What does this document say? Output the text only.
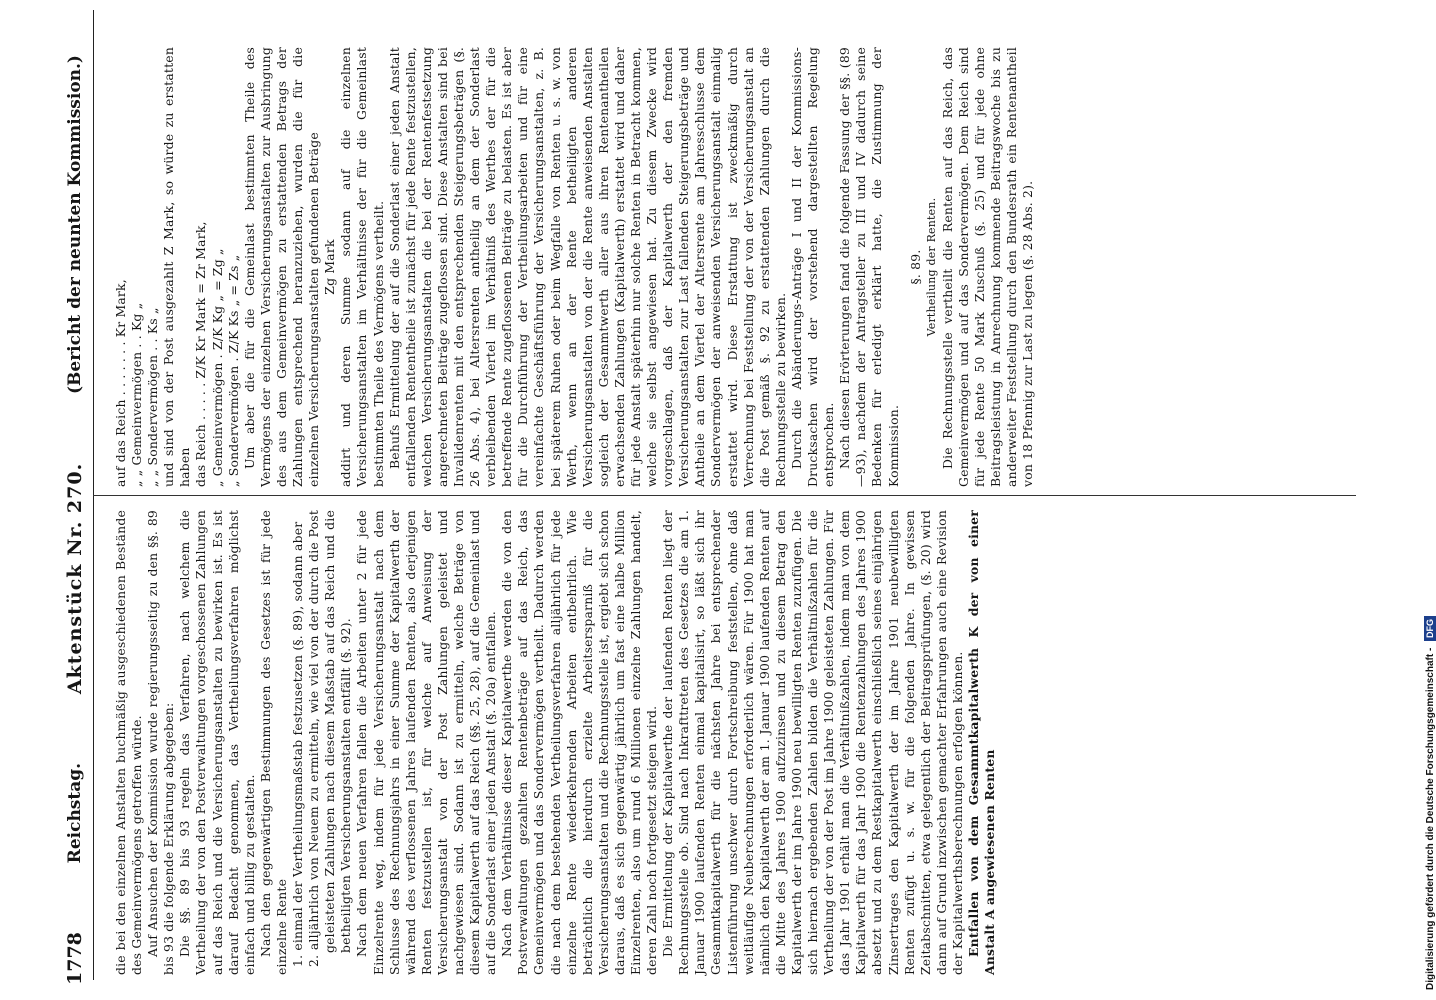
1778
Reichstag.
Aktenstück Nr. 270.
(Bericht der neunten Kommission.)

die bei den einzelnen Anstalten buchmäßig ausgeschiedenen Bestände des Gemeinvermögens getroffen würde. Auf Ansuchen der Kommission wurde regierungsseitig zu den §§. 89 bis 93 die folgende Erklärung abgegeben: Die §§. 89 bis 93 regeln das Verfahren, nach welchem die Vertheilung der von den Postverwaltungen vorgeschossenen Zahlungen auf das Reich und die Versicherungsanstalten zu bewirken ist. Es ist darauf Bedacht genommen, das Vertheilungsverfahren möglichst einfach und billig zu gestalten. Nach den gegenwärtigen Bestimmungen des Gesetzes ist für jede einzelne Rente 1. einmal der Vertheilungsmaßstab festzusetzen (§. 89), sodann aber 2. alljährlich von Neuem zu ermitteln, wie viel von der durch die Post geleisteten Zahlungen nach diesem Maßstab auf das Reich und die betheiligten Versicherungsanstalten entfällt (§. 92). Nach dem neuen Verfahren fallen die Arbeiten unter 2 für jede Einzelrente weg, indem für jede Versicherungsanstalt nach dem Schlusse des Rechnungsjahrs in einer Summe der Kapitalwerth der während des verflossenen Jahres laufenden Renten, also derjenigen Renten festzustellen ist, für welche auf Anweisung der Versicherungsanstalt von der Post Zahlungen geleistet und nachgewiesen sind. Sodann ist zu ermitteln, welche Beträge von diesem Kapitalwerth auf das Reich (§§. 25, 28), auf die Gemeinlast und auf die Sonderlast einer jeden Anstalt (§. 20a) entfallen. Nach dem Verhältnisse dieser Kapitalwerthe werden die von den Postverwaltungen gezahlten Rentenbeträge auf das Reich, das Gemeinvermögen und das Sondervermögen vertheilt. Dadurch werden die nach dem bestehenden Vertheilungsverfahren alljährlich für jede einzelne Rente wiederkehrenden Arbeiten entbehrlich. Wie beträchtlich die hierdurch erzielte Arbeitsersparniß für die Versicherungsanstalten und die Rechnungsstelle ist, ergiebt sich schon daraus, daß es sich gegenwärtig jährlich um fast eine halbe Million Einzelrenten, also um rund 6 Millionen einzelne Zahlungen handelt, deren Zahl noch fortgesetzt steigen wird. Die Ermittelung der Kapitalwerthe der laufenden Renten liegt der Rechnungsstelle ob. Sind nach Inkrafttreten des Gesetzes die am 1. Januar 1900 laufenden Renten einmal kapitalisirt, so läßt sich ihr Gesammtkapitalwerth für die nächsten Jahre bei entsprechender Listenführung unschwer durch Fortschreibung feststellen, ohne daß weitläufige Neuberechnungen erforderlich wären. Für 1900 hat man nämlich den Kapitalwerth der am 1. Januar 1900 laufenden Renten auf die Mitte des Jahres 1900 aufzuzinsen und zu diesem Betrag den Kapitalwerth der im Jahre 1900 neu bewilligten Renten zuzufügen. Die sich hiernach ergebenden Zahlen bilden die Verhältnißzahlen für die Vertheilung der von der Post im Jahre 1900 geleisteten Zahlungen. Für das Jahr 1901 erhält man die Verhältnißzahlen, indem man von dem Kapitalwerth für das Jahr 1900 die Rentenzahlungen des Jahres 1900 absetzt und zu dem Restkapitalwerth einschließlich seines einjährigen Zinsertrages den Kapitalwerth der im Jahre 1901 neubewilligten Renten zufügt u. s. w. für die folgenden Jahre. In gewissen Zeitabschnitten, etwa gelegentlich der Beitragsprüfungen, (§. 20) wird dann auf Grund inzwischen gemachter Erfahrungen auch eine Revision der Kapitalwerthsberechnungen erfolgen können. Entfallen von dem Gesammtkapitalwerth K der von einer Anstalt A angewiesenen Renten

auf das Reich . . . . . . . Kr Mark, „ „ Gemeinvermögen . . Kg „ „ „ Sondervermögen . . Ks „ und sind von der Post ausgezahlt Z Mark, so würde zu erstatten haben das Reich . . . . . Z/K Kr Mark = Zr Mark, „ Gemeinvermögen . Z/K Kg „ = Zg „ „ Sondervermögen . Z/K Ks „ = Zs „ Um aber die für die Gemeinlast bestimmten Theile des Vermögens der einzelnen Versicherungsanstalten zur Ausbringung des aus dem Gemeinvermögen zu erstattenden Betrags der Zahlungen entsprechend heranzuziehen, wurden die für die einzelnen Versicherungsanstalten gefundenen Beträge Zg Mark addirt und deren Summe sodann auf die einzelnen Versicherungsanstalten im Verhältnisse der für die Gemeinlast bestimmten Theile des Vermögens vertheilt. Behufs Ermittelung der auf die Sonderlast einer jeden Anstalt entfallenden Rententheile ist zunächst für jede Rente festzustellen, welchen Versicherungsanstalten die bei der Rentenfestsetzung angerechneten Beiträge zugeflossen sind. Diese Anstalten sind bei Invalidenrenten mit den entsprechenden Steigerungsbeträgen (§. 26 Abs. 4), bei Altersrenten antheilig an dem der Sonderlast verbleibenden Viertel im Verhältniß des Werthes der für die betreffende Rente zugeflossenen Beiträge zu belasten. Es ist aber für die Durchführung der Vertheilungsarbeiten und für eine vereinfachte Geschäftsführung der Versicherungsanstalten, z. B. bei späterem Ruhen oder beim Wegfalle von Renten u. s. w. von Werth, wenn an der Rente betheiligten anderen Versicherungsanstalten von der die Rente anweisenden Anstalten sogleich der Gesammtwerth aller aus ihren Rentenantheilen erwachsenden Zahlungen (Kapitalwerth) erstattet wird und daher für jede Anstalt späterhin nur solche Renten in Betracht kommen, welche sie selbst angewiesen hat. Zu diesem Zwecke wird vorgeschlagen, daß der Kapitalwerth der den fremden Versicherungsanstalten zur Last fallenden Steigerungsbeträge und Antheile an dem Viertel der Altersrente am Jahresschlusse dem Sondervermögen der anweisenden Versicherungsanstalt einmalig erstattet wird. Diese Erstattung ist zweckmäßig durch Verrechnung bei Feststellung der von der Versicherungsanstalt an die Post gemäß §. 92 zu erstattenden Zahlungen durch die Rechnungsstelle zu bewirken. Durch die Abänderungs-Anträge I und II der Kommissions-Drucksachen wird der vorstehend dargestellten Regelung entsprochen. Nach diesen Erörterungen fand die folgende Fassung der §§. (89—93), nachdem der Antragsteller zu III und IV dadurch seine Bedenken für erledigt erklärt hatte, die Zustimmung der Kommission.

§. 89. Vertheilung der Renten. Die Rechnungsstelle vertheilt die Renten auf das Reich, das Gemeinvermögen und auf das Sondervermögen. Dem Reich sind für jede Rente 50 Mark Zuschuß (§. 25) und für jede ohne Beitragsleistung in Anrechnung kommende Beitragswoche bis zu anderweiter Feststellung durch den Bundesrath ein Rentenantheil von 18 Pfennig zur Last zu legen (§. 28 Abs. 2).

Digitalisierung gefördert durch die Deutsche Forschungsgemeinschaft - DFG
